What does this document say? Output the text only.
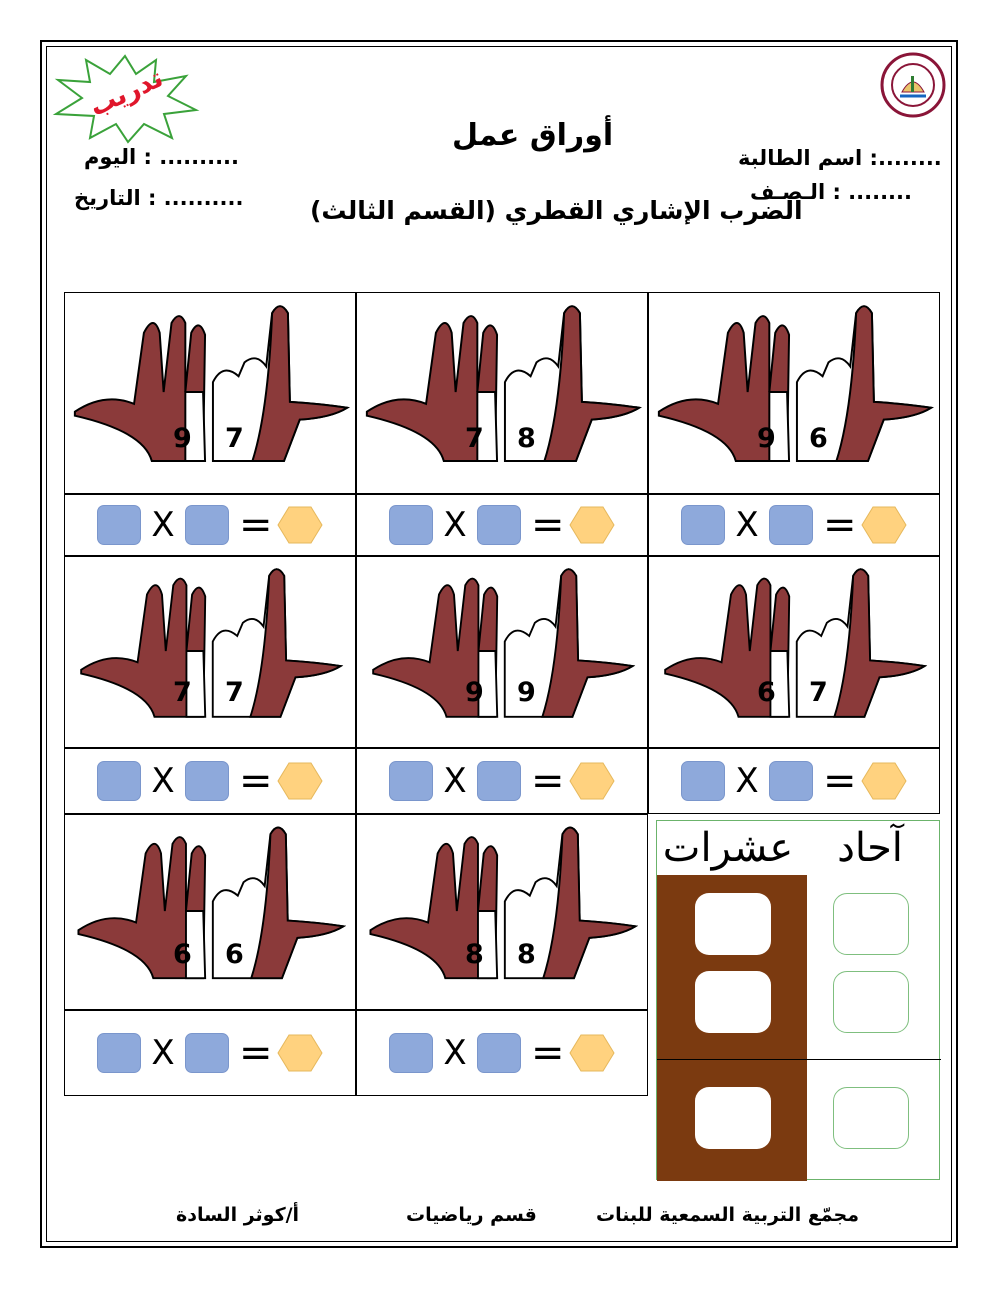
تدريب
أوراق عمل
الضرب الإشاري القطري (القسم الثالث)
اسم الطالبة :........
الـصـف : ........
اليوم : ..........
التاريخ : ..........
9 7
X =
7 8
X =
9 6
X =
7 7
X =
9 9
X =
6 7
X =
6 6
X =
8 8
X =
عشرات	آحاد
أ/كوثر السادة	قسم رياضيات	مجمّع التربية السمعية للبنات
